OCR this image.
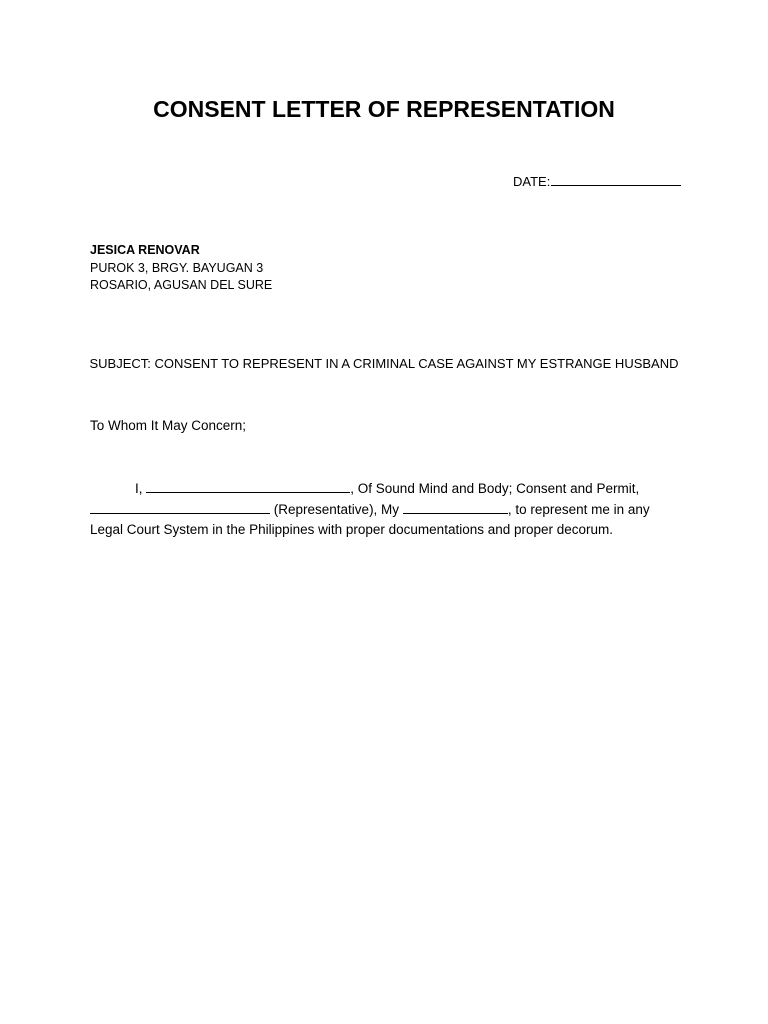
CONSENT LETTER OF REPRESENTATION
DATE:
JESICA RENOVAR
PUROK 3, BRGY. BAYUGAN 3
ROSARIO, AGUSAN DEL SURE
SUBJECT: CONSENT TO REPRESENT IN A CRIMINAL CASE AGAINST MY ESTRANGE HUSBAND
To Whom It May Concern;
I,	, Of Sound Mind and Body; Consent and Permit,
(Representative), My	, to represent me in any
Legal Court System in the Philippines with proper documentations and proper decorum.
